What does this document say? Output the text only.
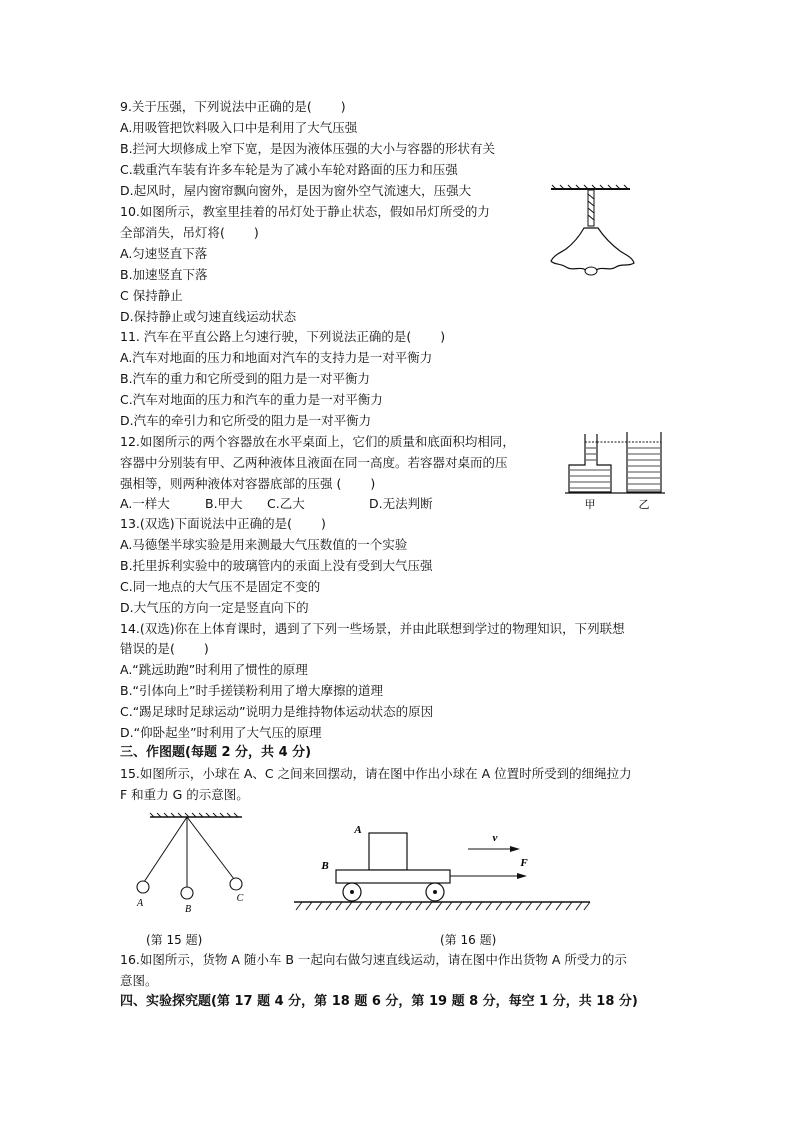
9.关于压强，下列说法中正确的是(　　 )
A.用吸管把饮料吸入口中是利用了大气压强
B.拦河大坝修成上窄下宽，是因为液体压强的大小与容器的形状有关
C.载重汽车装有许多车轮是为了减小车轮对路面的压力和压强
D.起风时，屋内窗帘飘向窗外，是因为窗外空气流速大，压强大
10.如图所示，教室里挂着的吊灯处于静止状态，假如吊灯所受的力
全部消失，吊灯将(　　 )
A.匀速竖直下落
B.加速竖直下落
C 保持静止
D.保持静止或匀速直线运动状态
11. 汽车在平直公路上匀速行驶，下列说法正确的是(　　 )
A.汽车对地面的压力和地面对汽车的支持力是一对平衡力
B.汽车的重力和它所受到的阻力是一对平衡力
C.汽车对地面的压力和汽车的重力是一对平衡力
D.汽车的牵引力和它所受的阻力是一对平衡力
12.如图所示的两个容器放在水平桌面上，它们的质量和底面积均相同，
容器中分别装有甲、乙两种液体且液面在同一高度。若容器对桌而的压
强相等，则两种液体对容器底部的压强 (　　 )
A.一样大	B.甲大 C.乙大	D.无法判断	甲	乙
13.(双选)下面说法中正确的是(　　 )
A.马德堡半球实验是用来测最大气压数值的一个实验
B.托里拆利实验中的玻璃管内的汞面上没有受到大气压强
C.同一地点的大气压不是固定不变的
D.大气压的方向一定是竖直向下的
14.(双选)你在上体育课时，遇到了下列一些场景，并由此联想到学过的物理知识，下列联想
错误的是(　　 )
A.“跳远助跑”时利用了惯性的原理
B.“引体向上”时手搓镁粉利用了增大摩擦的道理
C.“踢足球时足球运动”说明力是维持物体运动状态的原因
D.“仰卧起坐”时利用了大气压的原理
三、作图题(每题 2 分，共 4 分)
15.如图所示，小球在 A、C 之间来回摆动，请在图中作出小球在 A 位置时所受到的细绳拉力
F 和重力 G 的示意图。
A
B
C
A
v
B	F
(第 15 题)	(第 16 题)
16.如图所示，货物 A 随小车 B 一起向右做匀速直线运动，请在图中作出货物 A 所受力的示
意图。
四、实验探究题(第 17 题 4 分，第 18 题 6 分，第 19 题 8 分，每空 1 分，共 18 分)
